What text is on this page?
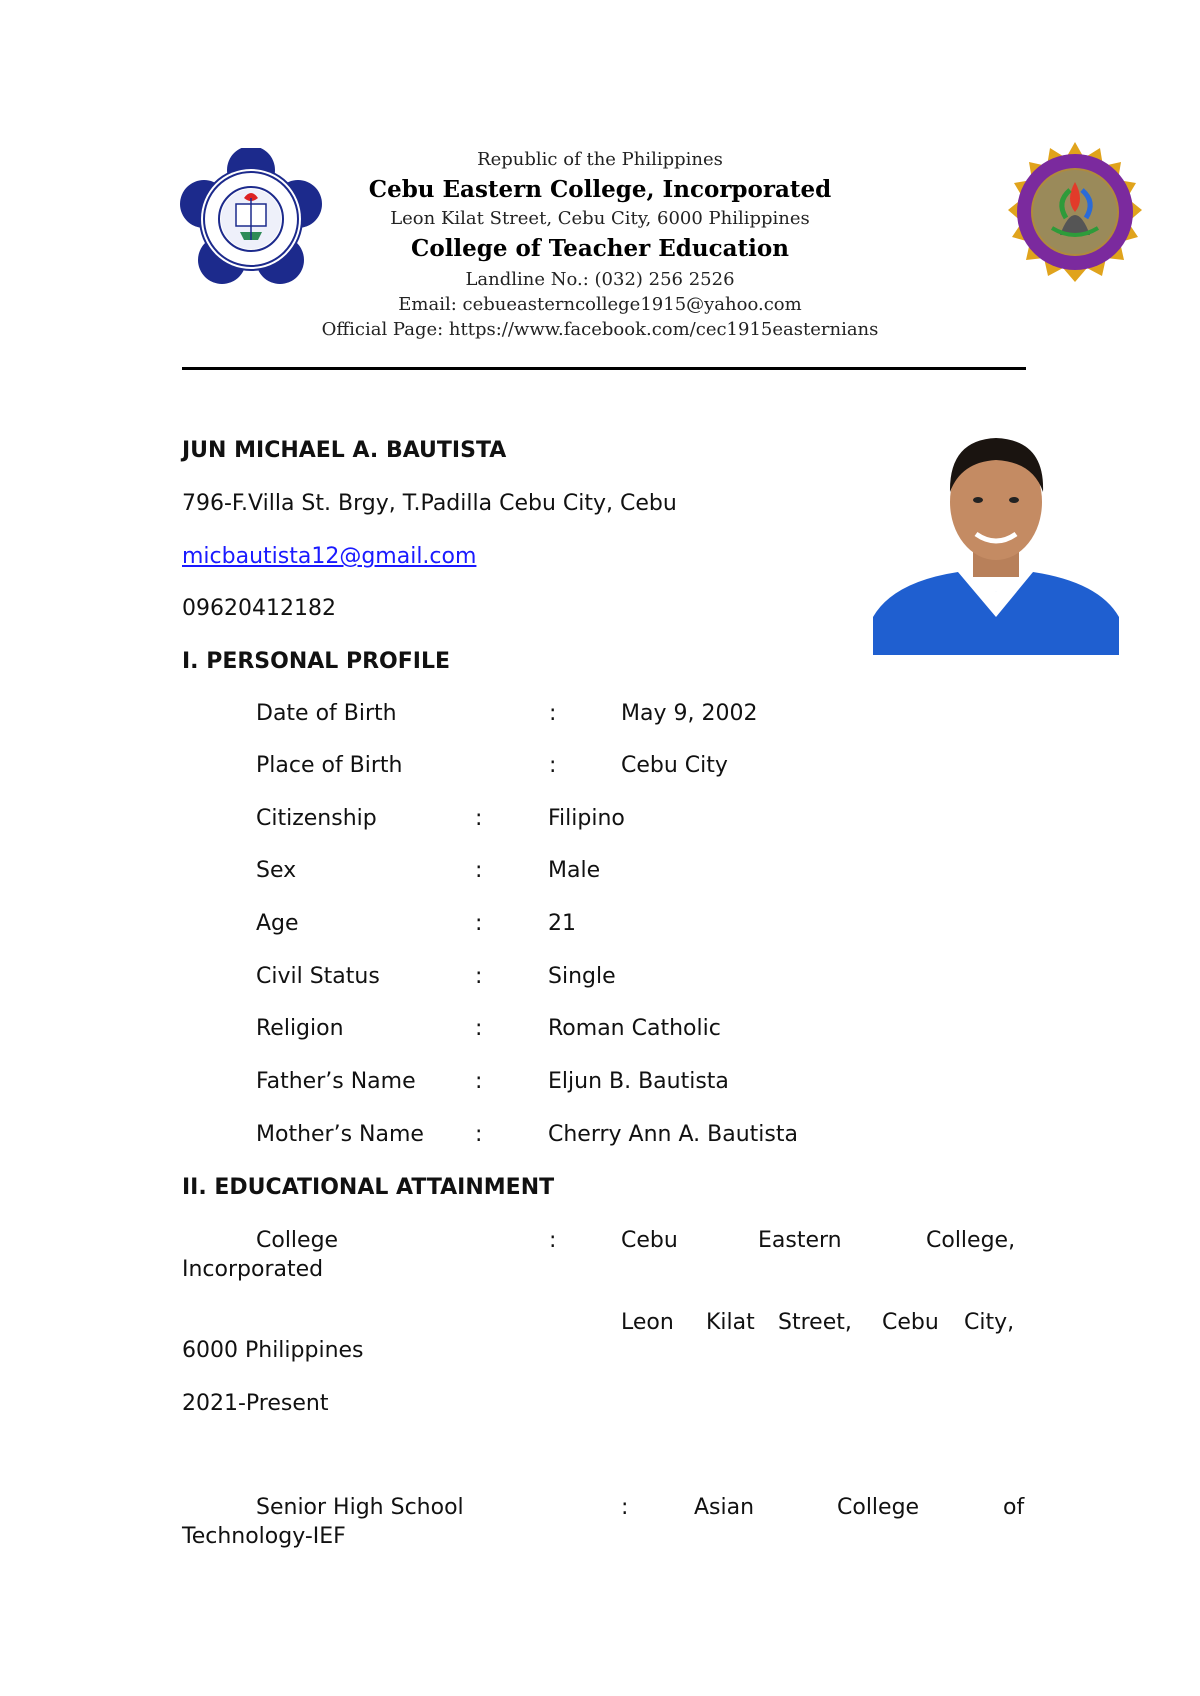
Republic of the Philippines
Cebu Eastern College, Incorporated
Leon Kilat Street, Cebu City, 6000 Philippines
College of Teacher Education
Landline No.: (032) 256 2526
Email: cebueasterncollege1915@yahoo.com
Official Page: https://www.facebook.com/cec1915easternians
JUN MICHAEL A. BAUTISTA
796-F.Villa St. Brgy, T.Padilla Cebu City, Cebu
micbautista12@gmail.com
09620412182
I. PERSONAL PROFILE
Date of Birth	:	May 9, 2002
Place of Birth	:	Cebu City
Citizenship	:	Filipino
Sex	:	Male
Age	:	21
Civil Status	:	Single
Religion	:	Roman Catholic
Father’s Name	:	Eljun B. Bautista
Mother’s Name :	Cherry Ann A. Bautista
II. EDUCATIONAL ATTAINMENT
College	:	Cebu	Eastern	College,
Incorporated
Leon Kilat Street, Cebu City,
6000 Philippines
2021-Present
Senior High School	:	Asian	College	of
Technology-IEF
